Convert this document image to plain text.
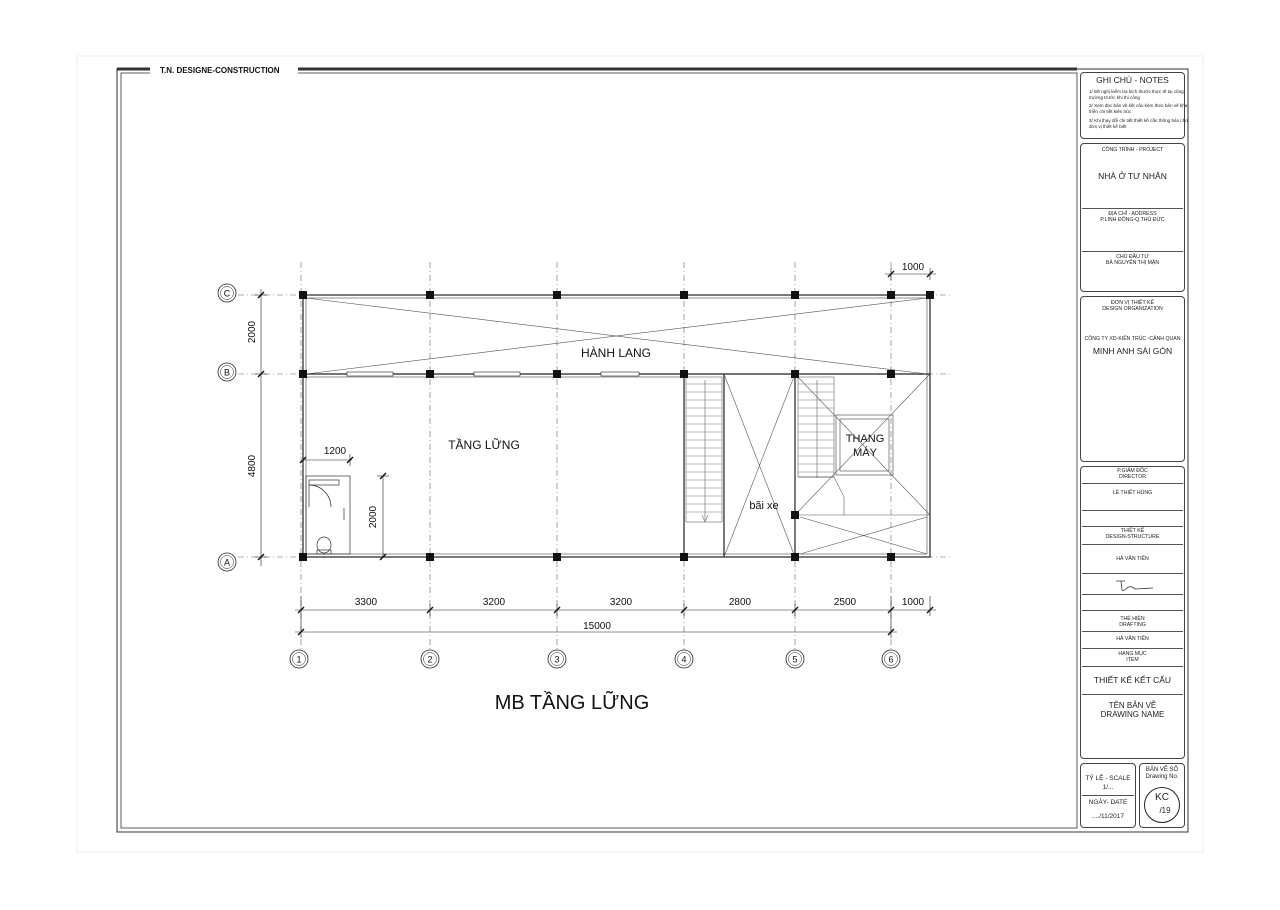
T.N. DESIGNE-CONSTRUCTION
HÀNH LANG
TẦNG LỮNG
bãi xe
THANG
MÁY
C
B
A
1	2	3	4	5	6
3300	3200	3200	2800	2500	1000
15000
1000
2000
4800
1200
2000
MB TẦNG LỮNG
GHI CHÚ - NOTES
1/ Đề nghị kiểm tra kích thước thực tế tại công trường trước khi thi công
2/ Xem đọc bản vẽ kết cấu kèm theo bản vẽ khai triển chi tiết kiến trúc
3/ Khi thay đổi chi tiết thiết kế cần thông báo cho đơn vị thiết kế biết
CÔNG TRÌNH - PROJECT
NHÀ Ở TƯ NHÂN
ĐỊA CHỈ - ADDRESS
P.LINH ĐÔNG-Q.THỦ ĐỨC
CHỦ ĐẦU TƯ
BÀ NGUYỄN THỊ MẬN
ĐƠN VỊ THIẾT KẾ
DESIGN ORGANIZATION
CÔNG TY XD-KIẾN TRÚC -CẢNH QUAN
MINH ANH SÀI GÒN
P.GIÁM ĐỐC
DIRECTOR
LÊ THIẾT HÙNG
THIẾT KẾ
DESIGN-STRUCTURE
HÀ VĂN TIẾN
THỂ HIỆN
DRAFTING
HÀ VĂN TIẾN
HẠNG MỤC
ITEM
THIẾT KẾ KẾT CẤU
TÊN BẢN VẼ
DRAWING NAME
TỶ LỆ - SCALE
1/...
NGÀY- DATE
..../11/2017
BẢN VẼ SỐ
Drawing No.
KC
/19
